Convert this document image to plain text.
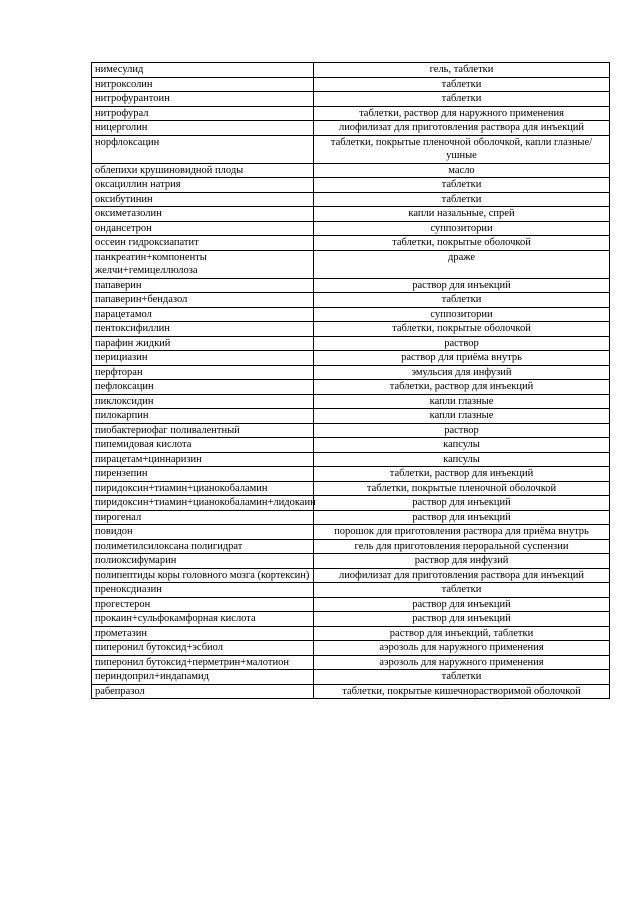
нимесулид	гель, таблетки
нитроксолин	таблетки
нитрофурантоин	таблетки
нитрофурал	таблетки, раствор для наружного применения
ницерголин	лиофилизат для приготовления раствора для инъекций
норфлоксацин	таблетки, покрытые пленочной оболочкой, капли глазные/ушные
облепихи крушиновидной плоды	масло
оксациллин натрия	таблетки
оксибутинин	таблетки
оксиметазолин	капли назальные, спрей
ондансетрон	суппозитории
оссеин гидроксиапатит	таблетки, покрытые оболочкой
панкреатин+компоненты желчи+гемицеллюлоза	драже
папаверин	раствор для инъекций
папаверин+бендазол	таблетки
парацетамол	суппозитории
пентоксифиллин	таблетки, покрытые оболочкой
парафин жидкий	раствор
перициазин	раствор для приёма внутрь
перфторан	эмульсия для инфузий
пефлоксацин	таблетки, раствор для инъекций
пиклоксидин	капли глазные
пилокарпин	капли глазные
пиобактериофаг поливалентный	раствор
пипемидовая кислота	капсулы
пирацетам+циннаризин	капсулы
пирензепин	таблетки, раствор для инъекций
пиридоксин+тиамин+цианокобаламин	таблетки, покрытые пленочной оболочкой
пиридоксин+тиамин+цианокобаламин+лидокаин	раствор для инъекций
пирогенал	раствор для инъекций
повидон	порошок для приготовления раствора для приёма внутрь
полиметилсилоксана полигидрат	гель для приготовления пероральной суспензии
полиоксифумарин	раствор для инфузий
полипептиды коры головного мозга (кортексин)	лиофилизат для приготовления раствора для инъекций
преноксдиазин	таблетки
прогестерон	раствор для инъекций
прокаин+сульфокамфорная кислота	раствор для инъекций
прометазин	раствор для инъекций, таблетки
пиперонил бутоксид+эсбиол	аэрозоль для наружного применения
пиперонил бутоксид+перметрин+малотион	аэрозоль для наружного применения
периндоприл+индапамид	таблетки
рабепразол	таблетки, покрытые кишечнорастворимой оболочкой
